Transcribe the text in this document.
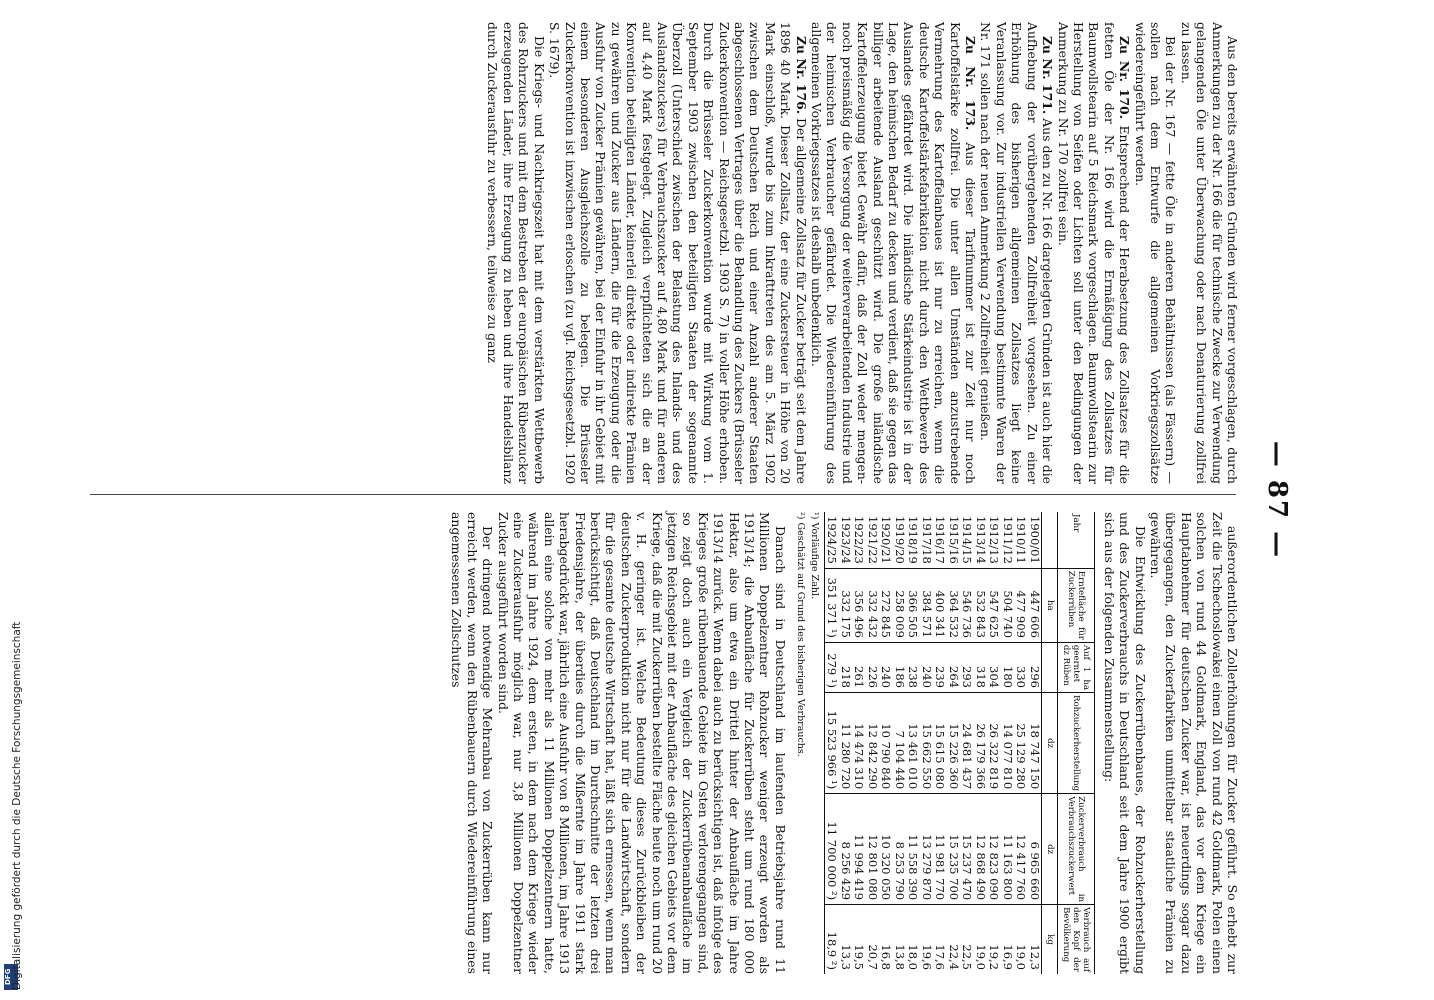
DFG Digitalisierung gefördert durch die Deutsche Forschungsgemeinschaft
— 87 —

Aus den bereits erwähnten Gründen wird ferner vorgeschlagen, durch Anmerkungen zu der Nr. 166 die für technische Zwecke zur Verwendung gelangenden Öle unter Überwachung oder nach Denaturierung zollfrei zu lassen.

Bei der Nr. 167 — fette Öle in anderen Behältnissen (als Fässern) — sollen nach dem Entwurfe die allgemeinen Vorkriegszollsätze wiedereingeführt werden.

Zu Nr. 170. Entsprechend der Herabsetzung des Zollsatzes für die fetten Öle der Nr. 166 wird die Ermäßigung des Zollsatzes für Baumwollstearin auf 5 Reichsmark vorgeschlagen. Baumwollstearin zur Herstellung von Seifen oder Lichten soll unter den Bedingungen der Anmerkung zu Nr. 170 zollfrei sein.

Zu Nr. 171. Aus den zu Nr. 166 dargelegten Gründen ist auch hier die Aufhebung der vorübergehenden Zollfreiheit vorgesehen. Zu einer Erhöhung des bisherigen allgemeinen Zollsatzes liegt keine Veranlassung vor. Zur industriellen Verwendung bestimmte Waren der Nr. 171 sollen nach der neuen Anmerkung 2 Zollfreiheit genießen.

Zu Nr. 173. Aus dieser Tarifnummer ist zur Zeit nur noch Kartoffelstärke zollfrei. Die unter allen Umständen anzustrebende Vermehrung des Kartoffelanbaues ist nur zu erreichen, wenn die deutsche Kartoffelstärkefabrikation nicht durch den Wettbewerb des Auslandes gefährdet wird. Die inländische Stärkeindustrie ist in der Lage, den heimischen Bedarf zu decken und verdient, daß sie gegen das billiger arbeitende Ausland geschützt wird. Die große inländische Kartoffelerzeugung bietet Gewähr dafür, daß der Zoll weder mengen- noch preismäßig die Versorgung der weiterverarbeitenden Industrie und der heimischen Verbraucher gefährdet. Die Wiedereinführung des allgemeinen Vorkriegssatzes ist deshalb unbedenklich.

Zu Nr. 176. Der allgemeine Zollsatz für Zucker beträgt seit dem Jahre 1896 40 Mark. Dieser Zollsatz, der eine Zuckersteuer in Höhe von 20 Mark einschloß, wurde bis zum Inkrafttreten des am 5. März 1902 zwischen dem Deutschen Reich und einer Anzahl anderer Staaten abgeschlossenen Vertrages über die Behandlung des Zuckers (Brüsseler Zuckerkonvention — Reichsgesetzbl. 1903 S. 7) in voller Höhe erhoben. Durch die Brüsseler Zuckerkonvention wurde mit Wirkung vom 1. September 1903 zwischen den beteiligten Staaten der sogenannte Überzoll (Unterschied zwischen der Belastung des Inlands- und des Auslandszuckers) für Verbrauchszucker auf 4,80 Mark und für anderen auf 4,40 Mark festgelegt. Zugleich verpflichteten sich die an der Konvention beteiligten Länder, keinerlei direkte oder indirekte Prämien zu gewähren und Zucker aus Ländern, die für die Erzeugung oder die Ausfuhr von Zucker Prämien gewähren, bei der Einfuhr in ihr Gebiet mit einem besonderen Ausgleichszolle zu belegen. Die Brüsseler Zuckerkonvention ist inzwischen erloschen (zu vgl. Reichsgesetzbl. 1920 S. 1679).

Die Kriegs- und Nachkriegszeit hat mit dem verstärkten Wettbewerb des Rohrzuckers und mit dem Bestreben der europäischen Rübenzucker erzeugenden Länder, ihre Erzeugung zu heben und ihre Handelsbilanz durch Zuckerausfuhr zu verbessern, teilweise zu ganz

außerordentlichen Zollerhöhungen für Zucker geführt. So erhebt zur Zeit die Tschechoslowakei einen Zoll von rund 42 Goldmark, Polen einen solchen von rund 44 Goldmark, England, das vor dem Kriege ein Hauptabnehmer für deutschen Zucker war, ist neuerdings sogar dazu übergegangen, den Zuckerfabriken unmittelbar staatliche Prämien zu gewähren.

Die Entwicklung des Zuckerrübenbaues, der Rohzuckerherstellung und des Zuckerverbrauchs in Deutschland seit dem Jahre 1900 ergibt sich aus der folgenden Zusammenstellung:

Jahr	Erntefläche für Zuckerrüben	Auf 1 ha geerntet dz Rüben	Rohzuckerherstellung	Zuckerverbrauch in Verbrauchszuckerwert	Verbrauch auf den Kopf der Bevölkerung
	ha		dz	dz	kg
1900/01	447 606	296	18 747 150	6 965 660	12,3
1910/11	477 909	330	25 129 280	12 417 760	19,0
1911/12	504 740	180	14 077 810	11 163 800	16,9
1912/13	547 625	304	26 322 819	12 823 090	19,2
1913/14	532 843	318	26 179 366	12 868 490	19,0
1914/15	546 736	293	24 681 437	15 237 470	22,5
1915/16	364 532	264	15 226 360	15 235 700	22,4
1916/17	400 341	239	15 615 080	11 981 770	17,6
1917/18	384 571	240	15 662 550	13 279 870	19,6
1918/19	366 505	238	13 461 010	11 558 390	18,0
1919/20	258 009	186	7 104 440	8 253 790	13,8
1920/21	272 845	240	10 790 840	10 320 050	16,8
1921/22	332 432	226	12 842 290	12 801 080	20,7
1922/23	356 496	261	14 474 310	11 994 419	19,5
1923/24	332 175	218	11 280 720	8 256 429	13,3
1924/25	351 371 ¹)	279 ¹)	15 523 966 ¹)	11 700 000 ²)	18,9 ²)
¹) Vorläufige Zahl.
²) Geschätzt auf Grund des bisherigen Verbrauchs.

Danach sind in Deutschland im laufenden Betriebsjahre rund 11 Millionen Doppelzentner Rohzucker weniger erzeugt worden als 1913/14; die Anbaufläche für Zuckerrüben steht um rund 180 000 Hektar, also um etwa ein Drittel hinter der Anbaufläche im Jahre 1913/14 zurück. Wenn dabei auch zu berücksichtigen ist, daß infolge des Krieges große rübenbauende Gebiete im Osten verlorengegangen sind, so zeigt doch auch ein Vergleich der Zuckerrübenanbaufläche im jetzigen Reichsgebiet mit der Anbaufläche des gleichen Gebiets vor dem Kriege, daß die mit Zuckerrüben bestellte Fläche heute noch um rund 20 v. H. geringer ist. Welche Bedeutung dieses Zurückbleiben der deutschen Zuckerproduktion nicht nur für die Landwirtschaft, sondern für die gesamte deutsche Wirtschaft hat, läßt sich ermessen, wenn man berücksichtigt, daß Deutschland im Durchschnitte der letzten drei Friedensjahre, der überdies durch die Mißernte im Jahre 1911 stark herabgedrückt war, jährlich eine Ausfuhr von 8 Millionen, im Jahre 1913 allein eine solche von mehr als 11 Millionen Doppelzentnern hatte, während im Jahre 1924, dem ersten, in dem nach dem Kriege wieder eine Zuckerausfuhr möglich war, nur 3,8 Millionen Doppelzentner Zucker ausgeführt worden sind.

Der dringend notwendige Mehranbau von Zuckerrüben kann nur erreicht werden, wenn den Rübenbauern durch Wiedereinführung eines angemessenen Zollschutzes
